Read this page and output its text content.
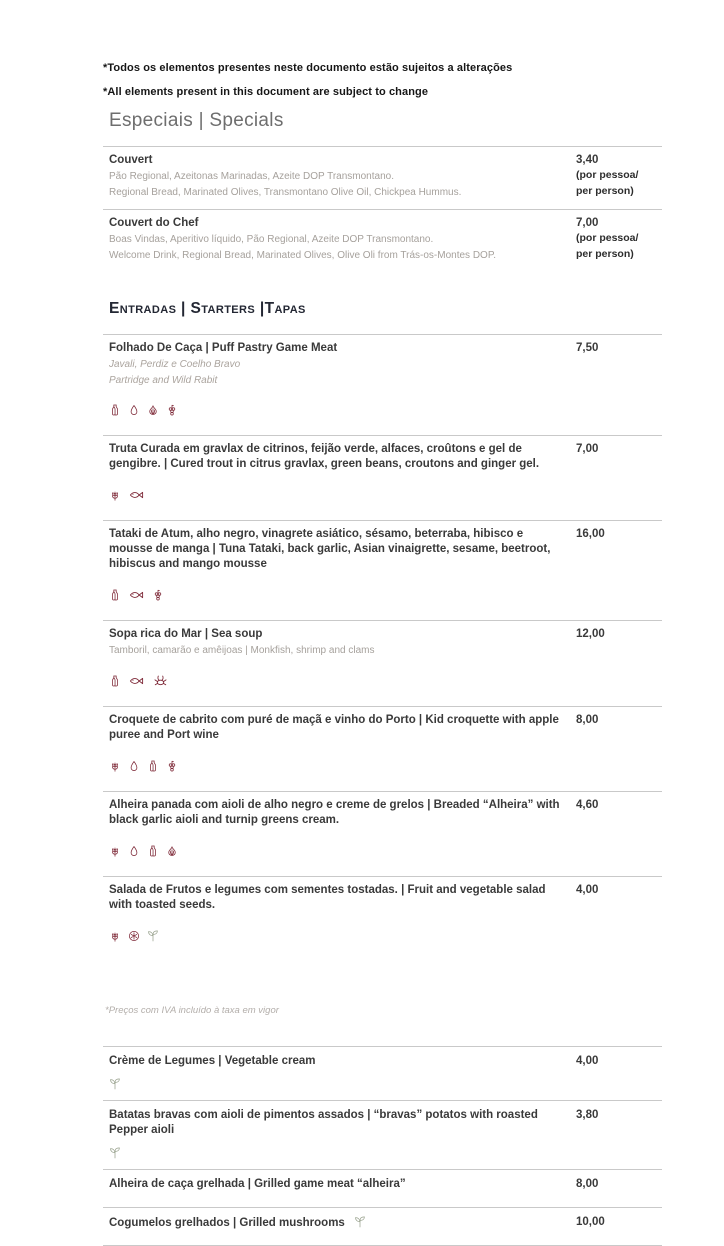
*Todos os elementos presentes neste documento estão sujeitos a alterações

*All elements present in this document are subject to change

Especiais | Specials
Couvert
Pão Regional, Azeitonas Marinadas, Azeite DOP Transmontano.
Regional Bread, Marinated Olives, Transmontano Olive Oil, Chickpea Hummus.
3,40
(por pessoa/
per person)
Couvert do Chef
Boas Vindas, Aperitivo líquido, Pão Regional, Azeite DOP Transmontano.
Welcome Drink, Regional Bread, Marinated Olives, Olive Oli from Trás-os-Montes DOP.
7,00
(por pessoa/
per person)
Entradas | Starters |Tapas
Folhado De Caça | Puff Pastry Game Meat
Javali, Perdiz e Coelho Bravo
Partridge and Wild Rabit
7,50
Truta Curada em gravlax de citrinos, feijão verde, alfaces, croûtons e gel de gengibre. | Cured trout in citrus gravlax, green beans, croutons and ginger gel.
7,00
Tataki de Atum, alho negro, vinagrete asiático, sésamo, beterraba, hibisco e mousse de manga | Tuna Tataki, back garlic, Asian vinaigrette, sesame, beetroot, hibiscus and mango mousse
16,00
Sopa rica do Mar | Sea soup
Tamboril, camarão e amêijoas | Monkfish, shrimp and clams
12,00
Croquete de cabrito com puré de maçã e vinho do Porto | Kid croquette with apple puree and Port wine
8,00
Alheira panada com aioli de alho negro e creme de grelos | Breaded “Alheira” with black garlic aioli and turnip greens cream.
4,60
Salada de Frutos e legumes com sementes tostadas. | Fruit and vegetable salad with toasted seeds.
4,00

*Preços com IVA incluído à taxa em vigor

Crème de Legumes | Vegetable cream	4,00
Batatas bravas com aioli de pimentos assados | “bravas” potatos with roasted Pepper aioli
3,80
Alheira de caça grelhada | Grilled game meat “alheira”	8,00
Cogumelos grelhados | Grilled mushrooms	10,00
